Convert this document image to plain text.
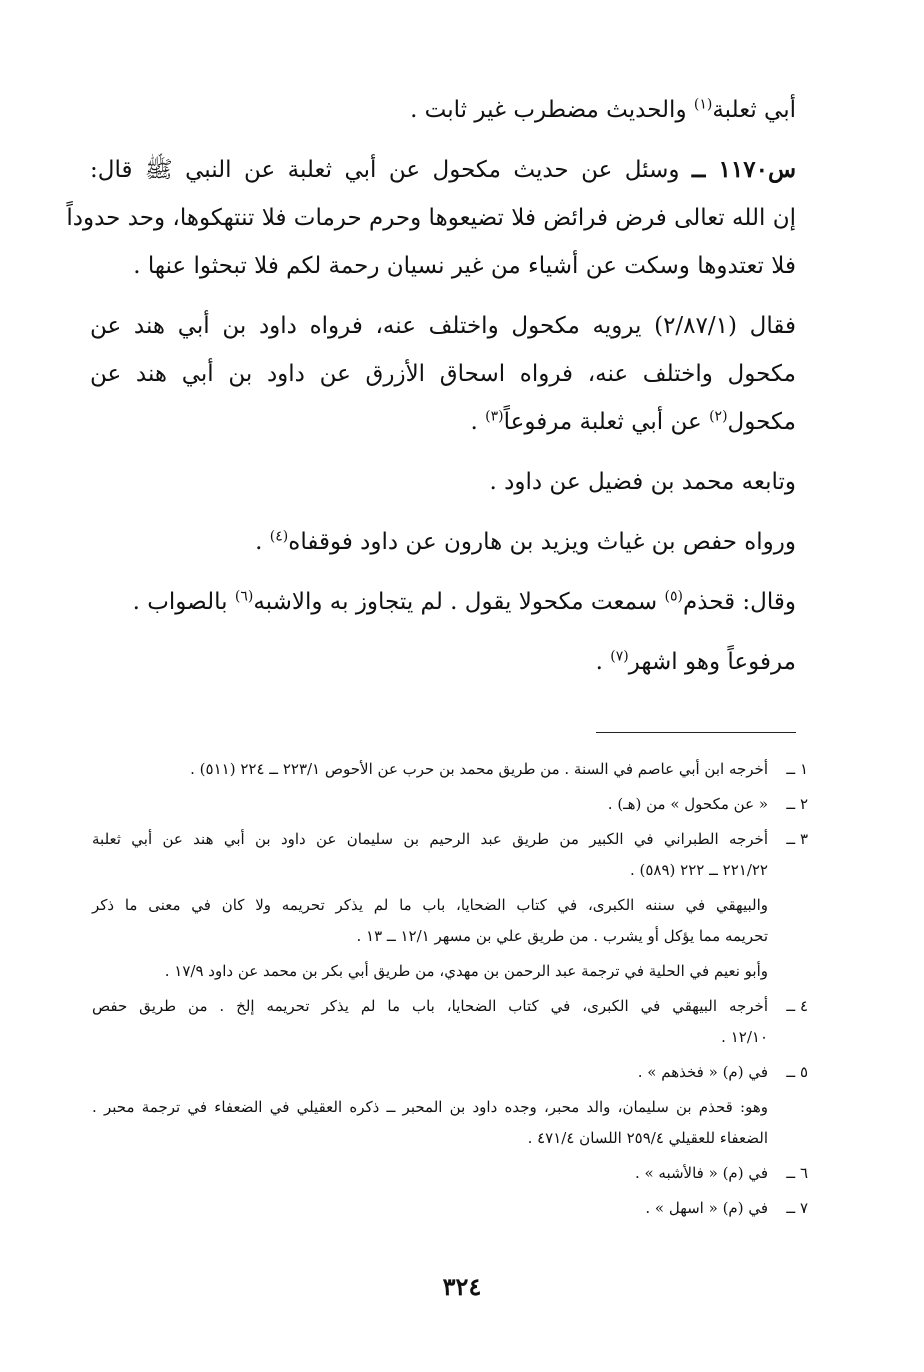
أبي ثعلبة$^{(١)}$ والحديث مضطرب غير ثابت .
س١١٧٠ ــ وسئل عن حديث مكحول عن أبي ثعلبة عن النبي ﷺ قال:
إن الله تعالى فرض فرائض فلا تضيعوها وحرم حرمات فلا تنتهكوها، وحد حدوداً
فلا تعتدوها وسكت عن أشياء من غير نسيان رحمة لكم فلا تبحثوا عنها .
فقال (٢/٨٧/١) يرويه مكحول واختلف عنه، فرواه داود بن أبي هند عن
مكحول واختلف عنه، فرواه اسحاق الأزرق عن داود بن أبي هند عن
مكحول$^{(٢)}$ عن أبي ثعلبة مرفوعاً$^{(٣)}$ .
وتابعه محمد بن فضيل عن داود .
ورواه حفص بن غياث ويزيد بن هارون عن داود فوقفاه$^{(٤)}$ .
وقال: قحذم$^{(٥)}$ سمعت مكحولا يقول . لم يتجاوز به والاشبه$^{(٦)}$ بالصواب .
مرفوعاً وهو اشهر$^{(٧)}$ .
١ ــ
أخرجه ابن أبي عاصم في السنة . من طريق محمد بن حرب عن الأحوص ٢٢٣/١ ــ ٢٢٤ (٥١١) .
٢ ــ
« عن مكحول » من (هـ) .
٣ ــ
أخرجه الطبراني في الكبير من طريق عبد الرحيم بن سليمان عن داود بن أبي هند عن أبي ثعلبة
٢٢١/٢٢ ــ ٢٢٢ (٥٨٩) .
والبيهقي في سننه الكبرى، في كتاب الضحايا، باب ما لم يذكر تحريمه ولا كان في معنى ما ذكر
تحريمه مما يؤكل أو يشرب . من طريق علي بن مسهر ١٢/١ ــ ١٣ .
وأبو نعيم في الحلية في ترجمة عبد الرحمن بن مهدي، من طريق أبي بكر بن محمد عن داود ١٧/٩ .
٤ ــ
أخرجه البيهقي في الكبرى، في كتاب الضحايا، باب ما لم يذكر تحريمه إلخ . من طريق حفص
١٢/١٠ .
٥ ــ
في (م) « فخذهم » .
وهو: قحذم بن سليمان، والد محبر، وجده داود بن المحبر ــ ذكره العقيلي في الضعفاء في ترجمة محبر .
الضعفاء للعقيلي ٢٥٩/٤ اللسان ٤٧١/٤ .
٦ ــ
في (م) « فالأشبه » .
٧ ــ
في (م) « اسهل » .
٣٢٤
